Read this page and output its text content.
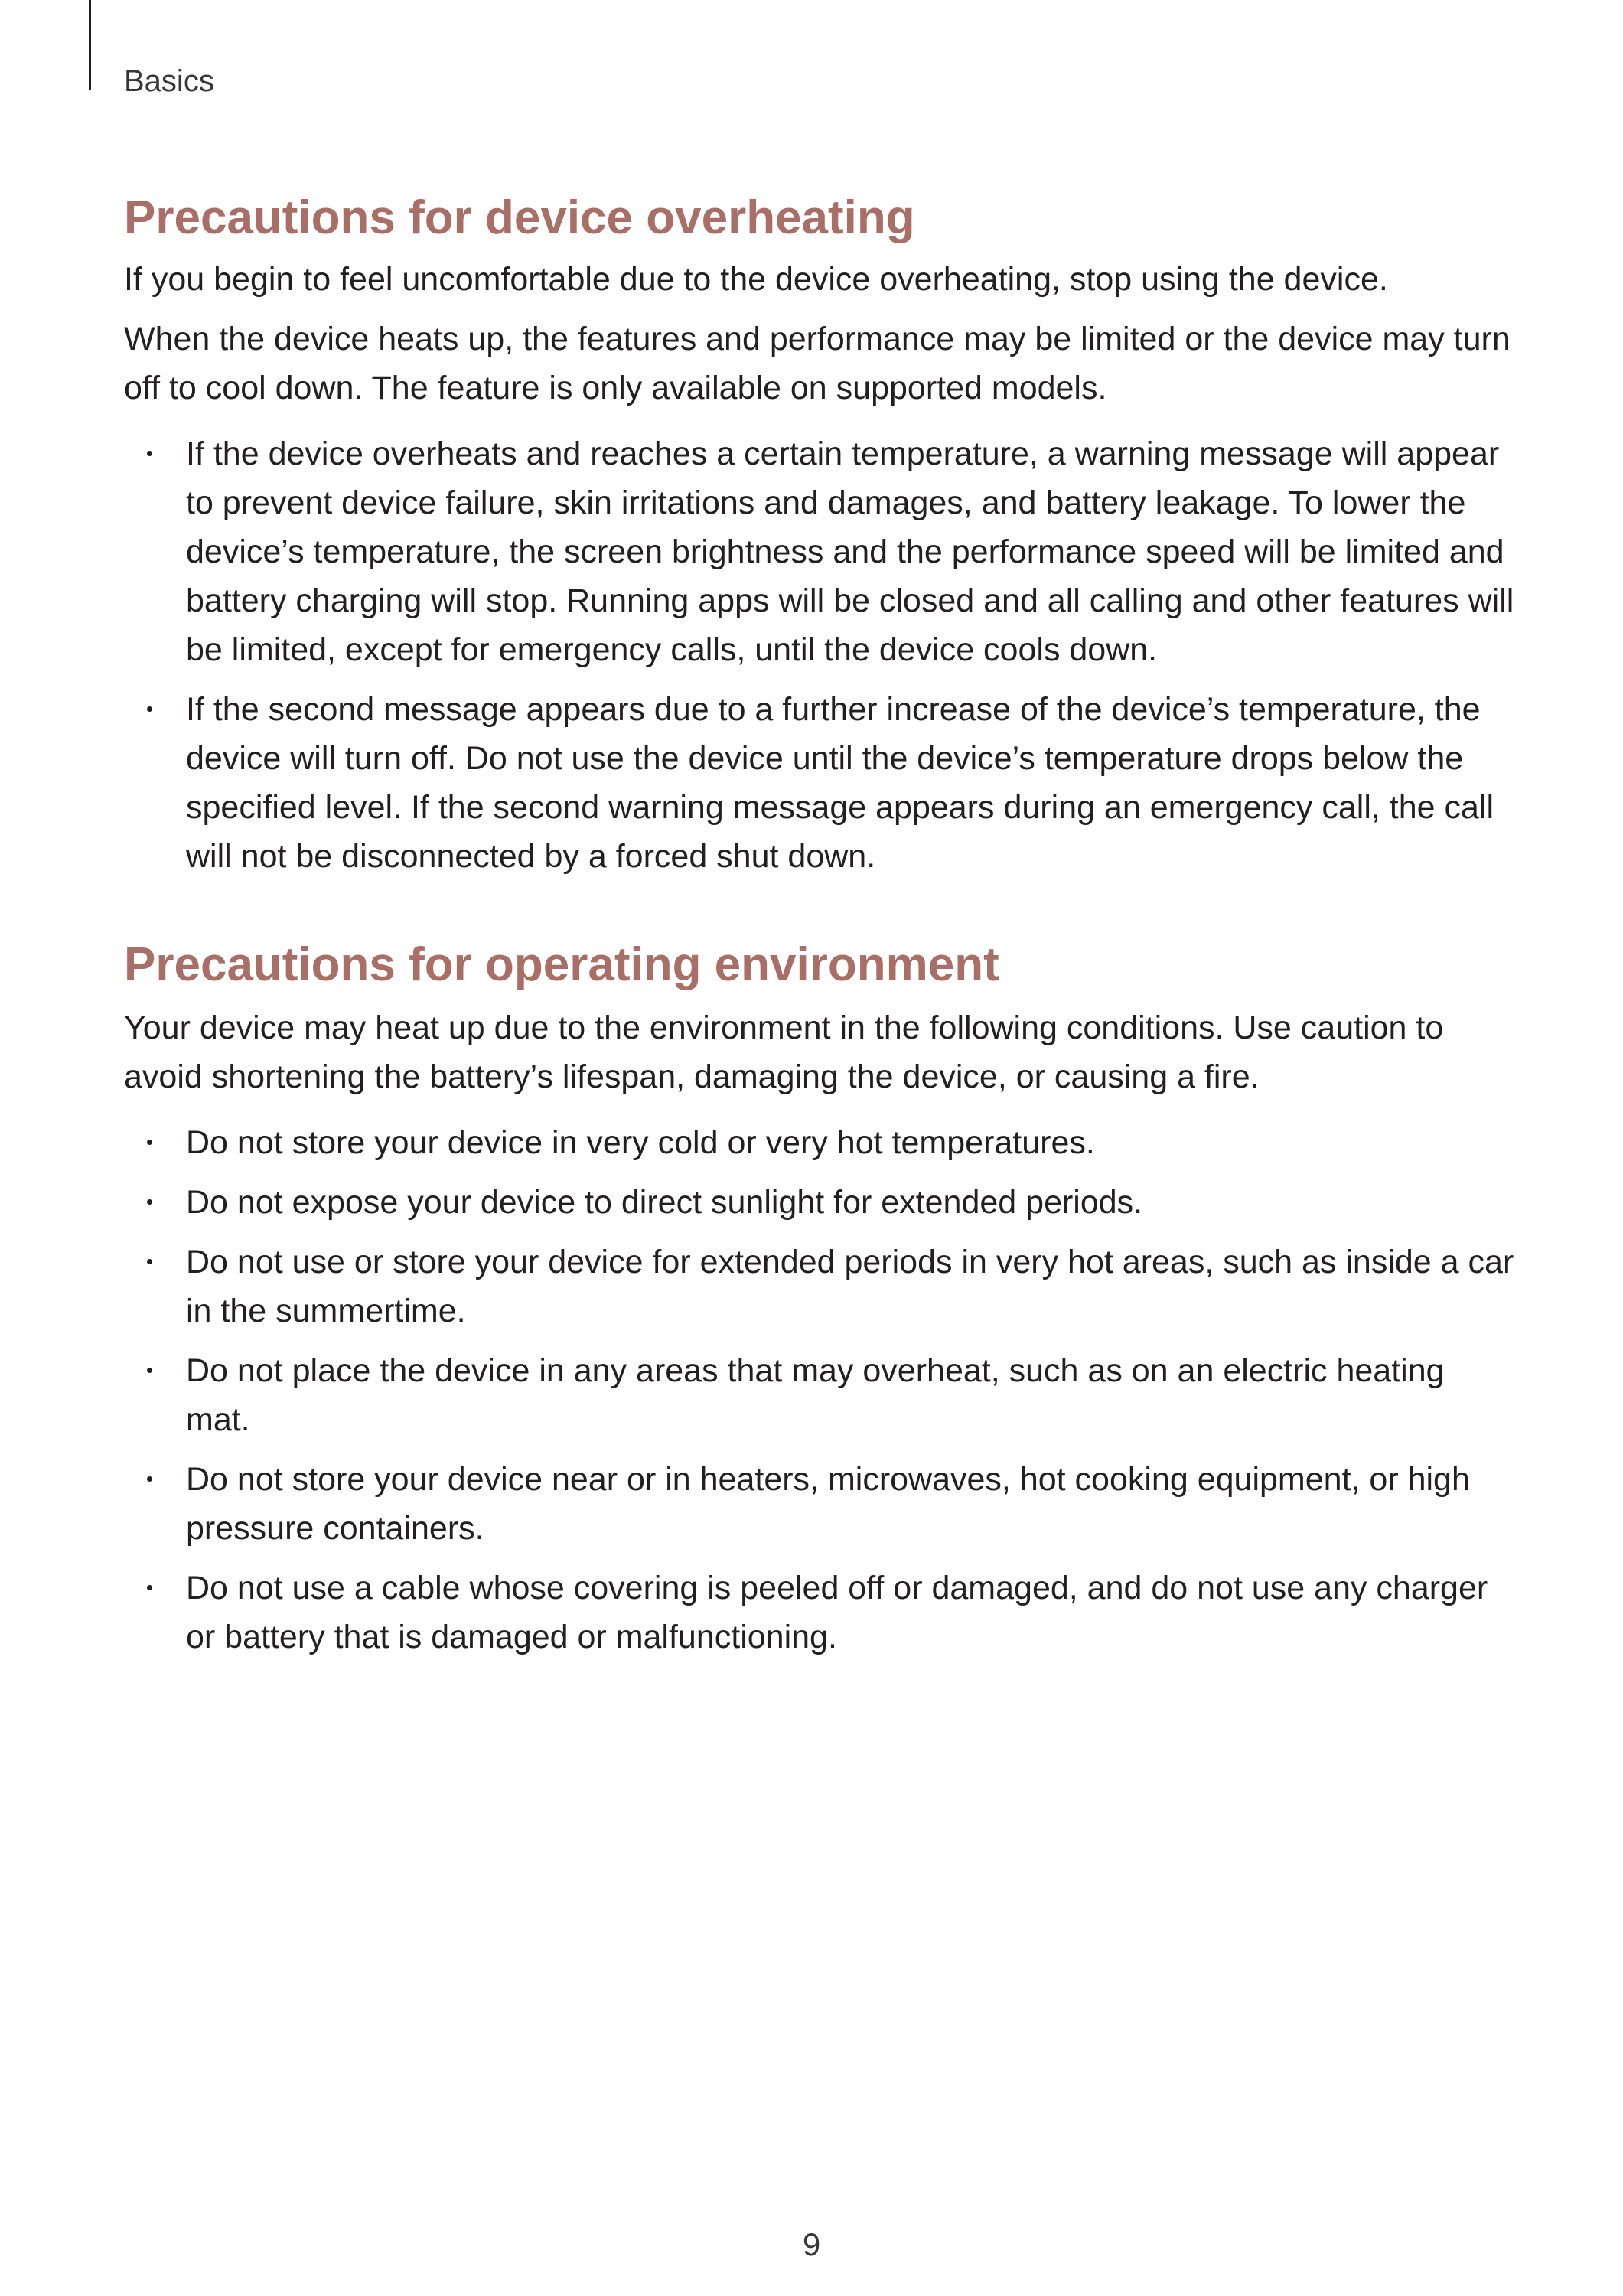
Basics
Precautions for device overheating

If you begin to feel uncomfortable due to the device overheating, stop using the device.

When the device heats up, the features and performance may be limited or the device may turn off to cool down. The feature is only available on supported models.

If the device overheats and reaches a certain temperature, a warning message will appear to prevent device failure, skin irritations and damages, and battery leakage. To lower the device’s temperature, the screen brightness and the performance speed will be limited and battery charging will stop. Running apps will be closed and all calling and other features will be limited, except for emergency calls, until the device cools down.
If the second message appears due to a further increase of the device’s temperature, the device will turn off. Do not use the device until the device’s temperature drops below the specified level. If the second warning message appears during an emergency call, the call will not be disconnected by a forced shut down.
Precautions for operating environment

Your device may heat up due to the environment in the following conditions. Use caution to avoid shortening the battery’s lifespan, damaging the device, or causing a fire.

Do not store your device in very cold or very hot temperatures.
Do not expose your device to direct sunlight for extended periods.
Do not use or store your device for extended periods in very hot areas, such as inside a car in the summertime.
Do not place the device in any areas that may overheat, such as on an electric heating mat.
Do not store your device near or in heaters, microwaves, hot cooking equipment, or high pressure containers.
Do not use a cable whose covering is peeled off or damaged, and do not use any charger or battery that is damaged or malfunctioning.
9
